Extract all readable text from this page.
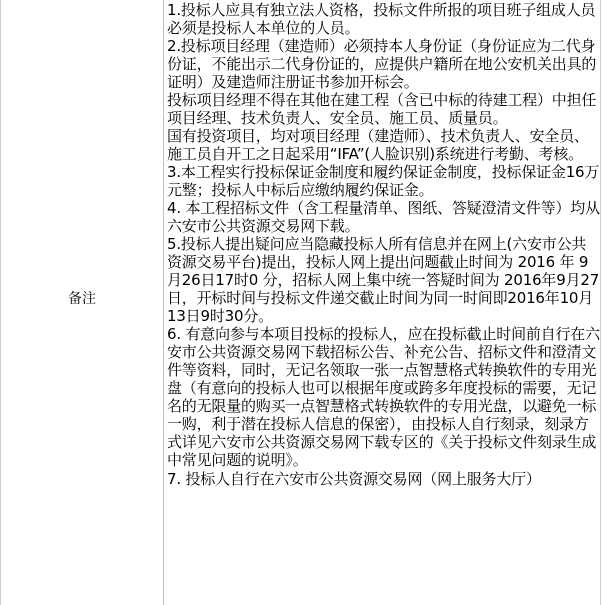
备注

1.投标人应具有独立法人资格，投标文件所报的项目班子组成人员必须是投标人本单位的人员。

2.投标项目经理（建造师）必须持本人身份证（身份证应为二代身份证，不能出示二代身份证的，应提供户籍所在地公安机关出具的证明）及建造师注册证书参加开标会。

投标项目经理不得在其他在建工程（含已中标的待建工程）中担任项目经理、技术负责人、安全员、施工员、质量员。

国有投资项目，均对项目经理（建造师）、技术负责人、安全员、施工员自开工之日起采用“IFA”(人脸识别)系统进行考勤、考核。

3.本工程实行投标保证金制度和履约保证金制度，投标保证金16万元整；投标人中标后应缴纳履约保证金。

4. 本工程招标文件（含工程量清单、图纸、答疑澄清文件等）均从六安市公共资源交易网下载。

5.投标人提出疑问应当隐藏投标人所有信息并在网上(六安市公共资源交易平台)提出，投标人网上提出问题截止时间为 2016 年 9月26日17时0 分，招标人网上集中统一答疑时间为 2016年9月27日，开标时间与投标文件递交截止时间为同一时间即2016年10月13日9时30分。

6. 有意向参与本项目投标的投标人，应在投标截止时间前自行在六安市公共资源交易网下载招标公告、补充公告、招标文件和澄清文件等资料，同时，无记名领取一张一点智慧格式转换软件的专用光盘（有意向的投标人也可以根据年度或跨多年度投标的需要，无记名的无限量的购买一点智慧格式转换软件的专用光盘，以避免一标一购，利于潜在投标人信息的保密），由投标人自行刻录，刻录方式详见六安市公共资源交易网下载专区的《关于投标文件刻录生成中常见问题的说明》。

7. 投标人自行在六安市公共资源交易网（网上服务大厅）
